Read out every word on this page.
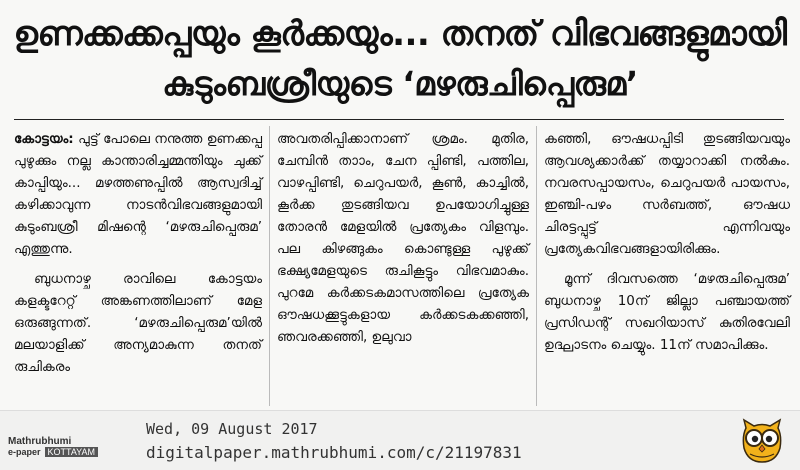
ഉണക്കക്കപ്പയും കൂർക്കയും... തനത് വിഭവങ്ങളുമായി
കുടുംബശ്രീയുടെ ‘മഴരുചിപ്പെരുമ’

കോട്ടയം: പുട്ട് പോലെ നനുത്ത ഉണക്കപ്പ പുഴുക്കും നല്ല കാന്താരിച്ചമ്മന്തിയും ചുക്ക് കാപ്പിയും... മഴത്തണുപ്പിൽ ആസ്വദിച്ച് കഴിക്കാവുന്ന നാടൻവിഭവങ്ങളുമായി കുടുംബശ്രീ മിഷന്റെ ‘മഴരുചിപ്പെരുമ’ എത്തുന്നു.

ബുധനാഴ്ച രാവിലെ കോട്ടയം കളക്ടറേറ്റ് അങ്കണത്തിലാണ് മേള ഒരുങ്ങുന്നത്. ‘മഴരുചിപ്പെരുമ’യിൽ മലയാളിക്ക് അന്യമാകുന്ന തനത് രുചികരം

അവതരിപ്പിക്കാനാണ് ശ്രമം. മുതിര, ചേമ്പിൻ താാം, ചേന പ്പിണ്ടി, പത്തില, വാഴപ്പിണ്ടി, ചെറുപയർ, കൂൺ, കാച്ചിൽ, കൂർക്ക തുടങ്ങിയവ ഉപയോഗിച്ചുള്ള തോരൻ മേളയിൽ പ്രത്യേകം വിളമ്പും. പല കിഴങ്ങുകം കൊണ്ടുള്ള പുഴുക്ക് ഭക്ഷ്യമേളയുടെ രുചികൂട്ടും വിഭവമാകും. പുറമേ കർക്കടകമാസത്തിലെ പ്രത്യേക ഔഷധക്കൂട്ടുകളായ കർക്കടകക്കഞ്ഞി, ഞവരക്കഞ്ഞി, ഉലുവാ

കഞ്ഞി, ഔഷധപ്പിടി തുടങ്ങിയവയും ആവശ്യക്കാർക്ക് തയ്യാറാക്കി നൽകും. നവരസപ്പായസം, ചെറുപയർ പായസം, ഇഞ്ചി-പഴം സർബത്ത്, ഔഷധ ചിരട്ടപ്പുട്ട് എന്നിവയും പ്രത്യേകവിഭവങ്ങളായിരിക്കും.

മൂന്ന് ദിവസത്തെ ‘മഴരുചിപ്പെരുമ’ ബുധനാഴ്ച 10ന് ജില്ലാ പഞ്ചായത്ത് പ്രസിഡന്റ് സഖറിയാസ് കുതിരവേലി ഉദ്ഘാടനം ചെയ്യും. 11ന് സമാപിക്കും.

Mathrubhumi
e-paper KOTTAYAM
Wed, 09 August 2017
digitalpaper.mathrubhumi.com/c/21197831
